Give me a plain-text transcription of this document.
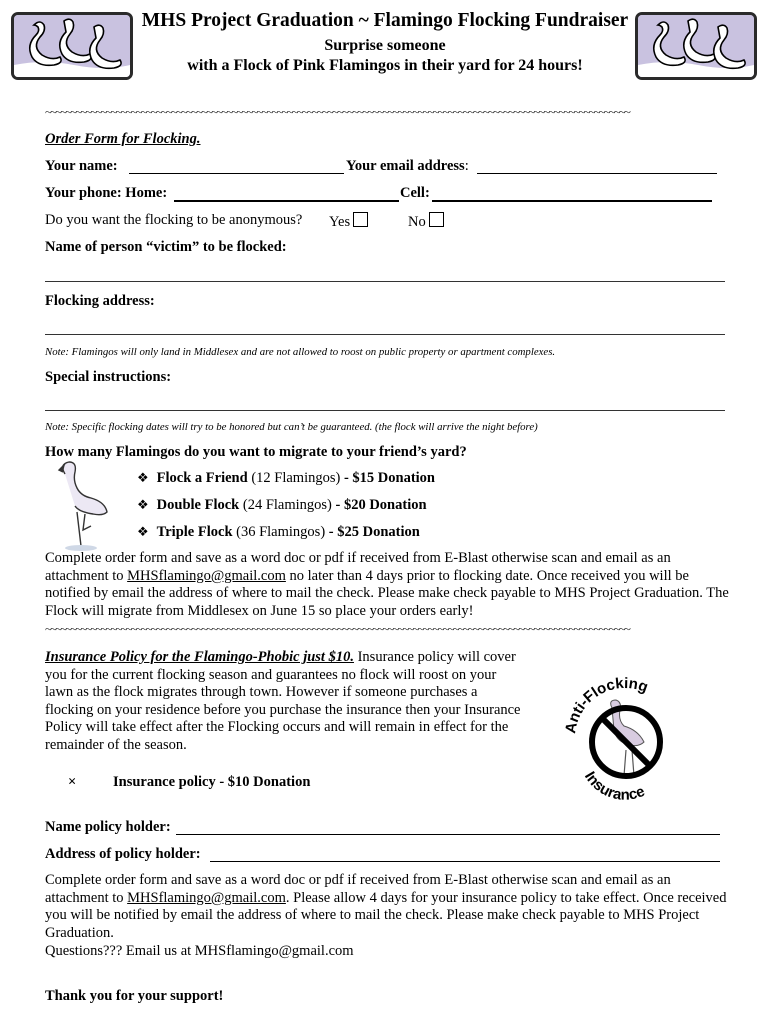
MHS Project Graduation ~ Flamingo Flocking Fundraiser
Surprise someone
with a Flock of Pink Flamingos in their yard for 24 hours!
~~~~~~~~~~~~~~~~~~~~~~~~~~~~~~~~~~~~~~~~~~~~~~~~~~~~~~~~~~~~~~~~~~~~~~~~~~~~~~~~~~~~~~~~~~~~~~~~~~~~~~~~~~~~~~~~~~~~
Order Form for Flocking.
Your name:	Your email address:
Your phone: Home:	Cell:
Do you want the flocking to be anonymous? Yes	No
Name of person “victim” to be flocked:
Flocking address:
Note: Flamingos will only land in Middlesex and are not allowed to roost on public property or apartment complexes.
Special instructions:
Note: Specific flocking dates will try to be honored but can’t be guaranteed. (the flock will arrive the night before)
How many Flamingos do you want to migrate to your friend’s yard?
❖ Flock a Friend (12 Flamingos) - $15 Donation
❖ Double Flock (24 Flamingos) - $20 Donation
❖ Triple Flock (36 Flamingos) - $25 Donation
Complete order form and save as a word doc or pdf if received from E-Blast otherwise scan and email as an attachment to MHSflamingo@gmail.com no later than 4 days prior to flocking date. Once received you will be notified by email the address of where to mail the check. Please make check payable to MHS Project Graduation. The Flock will migrate from Middlesex on June 15 so place your orders early!
~~~~~~~~~~~~~~~~~~~~~~~~~~~~~~~~~~~~~~~~~~~~~~~~~~~~~~~~~~~~~~~~~~~~~~~~~~~~~~~~~~~~~~~~~~~~~~~~~~~~~~~~~~~~~~~~~~~~
Insurance Policy for the Flamingo-Phobic just $10. Insurance policy will cover you for the current flocking season and guarantees no flock will roost on your lawn as the flock migrates through town. However if someone purchases a flocking on your residence before you purchase the insurance then your Insurance Policy will take effect after the Flocking occurs and will remain in effect for the remainder of the season.
Anti-Flocking
Insurance
×	Insurance policy - $10 Donation
Name policy holder:
Address of policy holder:
Complete order form and save as a word doc or pdf if received from E-Blast otherwise scan and email as an attachment to MHSflamingo@gmail.com. Please allow 4 days for your insurance policy to take effect. Once received you will be notified by email the address of where to mail the check. Please make check payable to MHS Project Graduation.
Questions??? Email us at MHSflamingo@gmail.com
Thank you for your support!
